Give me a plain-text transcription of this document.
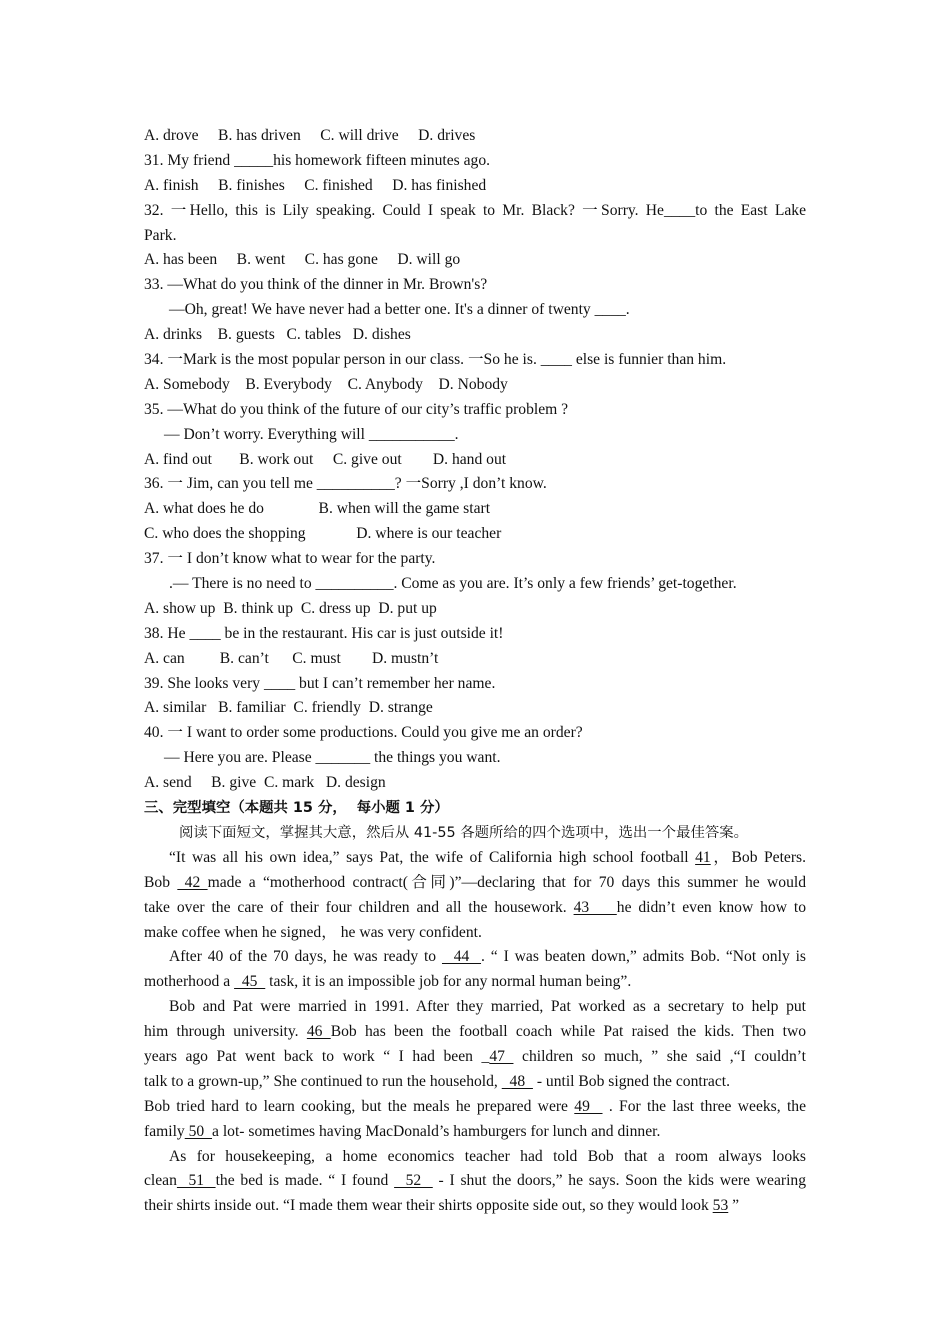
A. drove     B. has driven     C. will drive     D. drives
31. My friend _____his homework fifteen minutes ago.
A. finish     B. finishes     C. finished     D. has finished
32. 一Hello, this is Lily speaking. Could I speak to Mr. Black? 一Sorry. He____to the East Lake
Park.
A. has been     B. went     C. has gone     D. will go
33. —What do you think of the dinner in Mr. Brown's?
—Oh, great! We have never had a better one. It's a dinner of twenty ____.
A. drinks    B. guests   C. tables   D. dishes
34. 一Mark is the most popular person in our class. 一So he is. ____ else is funnier than him.
A. Somebody    B. Everybody    C. Anybody    D. Nobody
35. —What do you think of the future of our city’s traffic problem ?
— Don’t worry. Everything will ___________.
A. find out       B. work out     C. give out        D. hand out
36. 一 Jim, can you tell me __________? 一Sorry ,I don’t know.
A. what does he do              B. when will the game start
C. who does the shopping             D. where is our teacher
37. 一 I don’t know what to wear for the party.
.— There is no need to __________. Come as you are. It’s only a few friends’ get-together.
A. show up  B. think up  C. dress up  D. put up
38. He ____ be in the restaurant. His car is just outside it!
A. can         B. can’t      C. must        D. mustn’t
39. She looks very ____ but I can’t remember her name.
A. similar   B. familiar  C. friendly  D. strange
40. 一 I want to order some productions. Could you give me an order?
— Here you are. Please _______ the things you want.
A. send     B. give  C. mark   D. design
三、完型填空（本题共 15 分，  每小题 1 分）
阅读下面短文，掌握其大意，然后从 41-55 各题所给的四个选项中，选出一个最佳答案。
“It was all his own idea,” says Pat, the wife of California high school football 41，Bob Peters.
Bob  42 made a “motherhood contract(合同)”—declaring that for 70 days this summer he would
take over the care of their four children and all the housework. 43    he didn’t even know how to
make coffee when he signed， he was very confident.
After 40 of the 70 days, he was ready to   44  . “ I was beaten down,” admits Bob. “Not only is
motherhood a   45   task, it is an impossible job for any normal human being”.
Bob and Pat were married in 1991. After they married, Pat worked as a secretary to help put
him through university. 46 Bob has been the football coach while Pat raised the kids. Then two
years ago Pat went back to work “ I had been _47  children so much, ” she said ,“I couldn’t
talk to a grown-up,” She continued to run the household,   48   - until Bob signed the contract.
Bob tried hard to learn cooking, but the meals he prepared were 49   . For the last three weeks, the
family 50  a lot- sometimes having MacDonald’s hamburgers for lunch and dinner.
As for housekeeping, a home economics teacher had told Bob that a room always looks
clean  51  the bed is made. “ I found   52   - I shut the doors,” he says. Soon the kids were wearing
their shirts inside out. “I made them wear their shirts opposite side out, so they would look 53 ”
